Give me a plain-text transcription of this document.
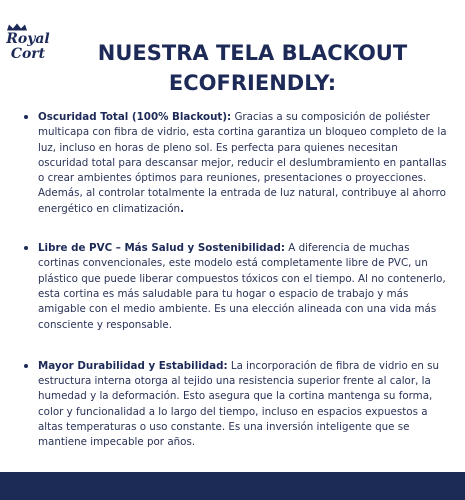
Royal
Cort	NUESTRA TELA BLACKOUT
ECOFRIENDLY:
Oscuridad Total (100% Blackout): Gracias a su composición de poliéster multicapa con fibra de vidrio, esta cortina garantiza un bloqueo completo de la luz, incluso en horas de pleno sol. Es perfecta para quienes necesitan oscuridad total para descansar mejor, reducir el deslumbramiento en pantallas o crear ambientes óptimos para reuniones, presentaciones o proyecciones. Además, al controlar totalmente la entrada de luz natural, contribuye al ahorro energético en climatización.
Libre de PVC – Más Salud y Sostenibilidad: A diferencia de muchas cortinas convencionales, este modelo está completamente libre de PVC, un plástico que puede liberar compuestos tóxicos con el tiempo. Al no contenerlo, esta cortina es más saludable para tu hogar o espacio de trabajo y más amigable con el medio ambiente. Es una elección alineada con una vida más consciente y responsable.
Mayor Durabilidad y Estabilidad: La incorporación de fibra de vidrio en su estructura interna otorga al tejido una resistencia superior frente al calor, la humedad y la deformación. Esto asegura que la cortina mantenga su forma, color y funcionalidad a lo largo del tiempo, incluso en espacios expuestos a altas temperaturas o uso constante. Es una inversión inteligente que se mantiene impecable por años.
